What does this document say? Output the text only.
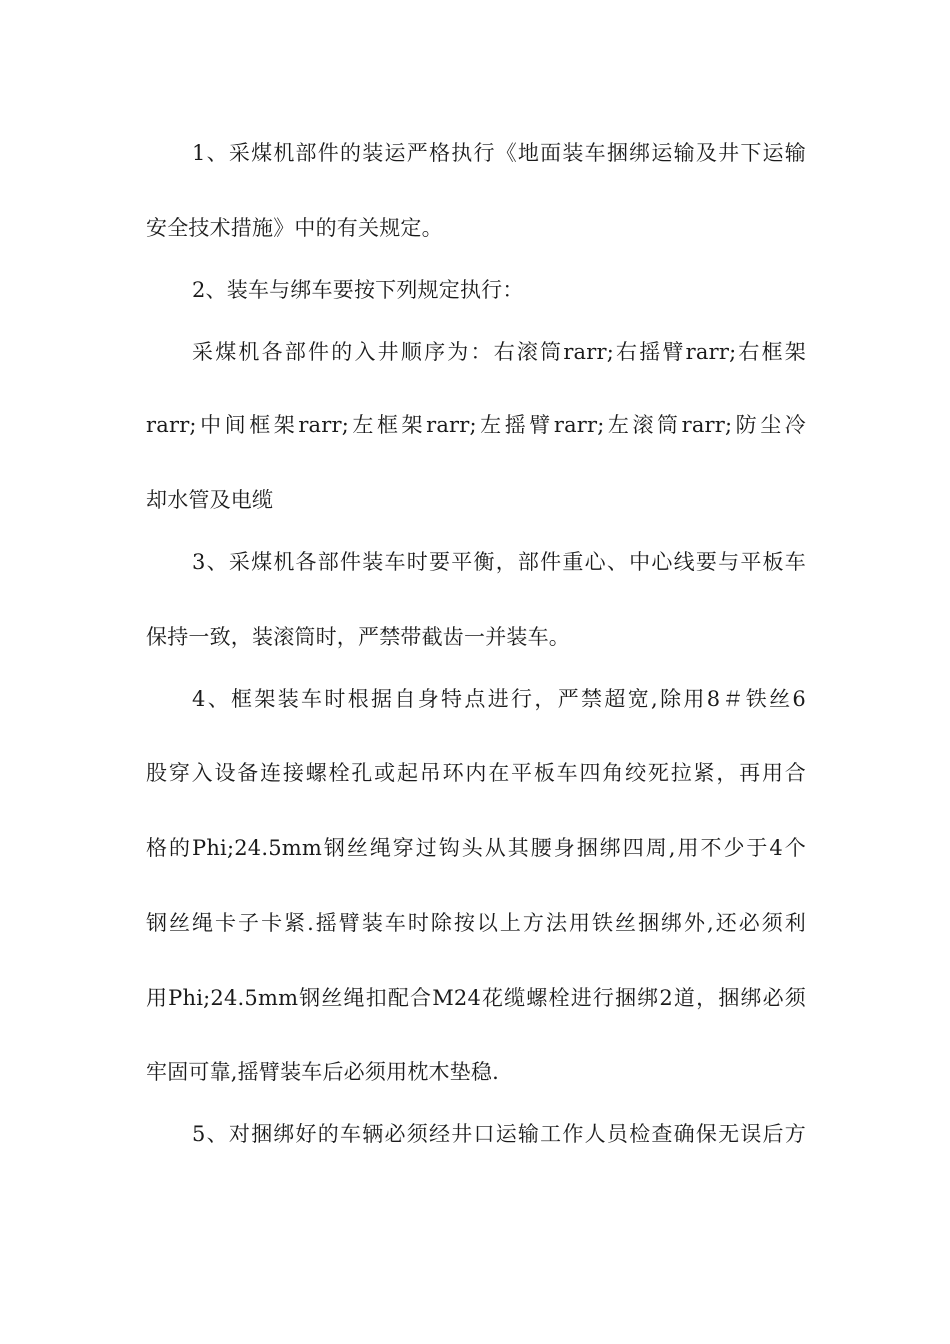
1、采煤机部件的装运严格执行《地面装车捆绑运输及井下运输
安全技术措施》中的有关规定。
2、装车与绑车要按下列规定执行：
采煤机各部件的入井顺序为：右滚筒rarr;右摇臂rarr;右框架
rarr;中间框架rarr;左框架rarr;左摇臂rarr;左滚筒rarr;防尘冷
却水管及电缆
3、采煤机各部件装车时要平衡，部件重心、中心线要与平板车
保持一致，装滚筒时，严禁带截齿一并装车。
4、框架装车时根据自身特点进行，严禁超宽,除用8＃铁丝6
股穿入设备连接螺栓孔或起吊环内在平板车四角绞死拉紧，再用合
格的Phi;24.5mm钢丝绳穿过钩头从其腰身捆绑四周,用不少于4个
钢丝绳卡子卡紧.摇臂装车时除按以上方法用铁丝捆绑外,还必须利
用Phi;24.5mm钢丝绳扣配合M24花缆螺栓进行捆绑2道，捆绑必须
牢固可靠,摇臂装车后必须用枕木垫稳.
5、对捆绑好的车辆必须经井口运输工作人员检查确保无误后方
